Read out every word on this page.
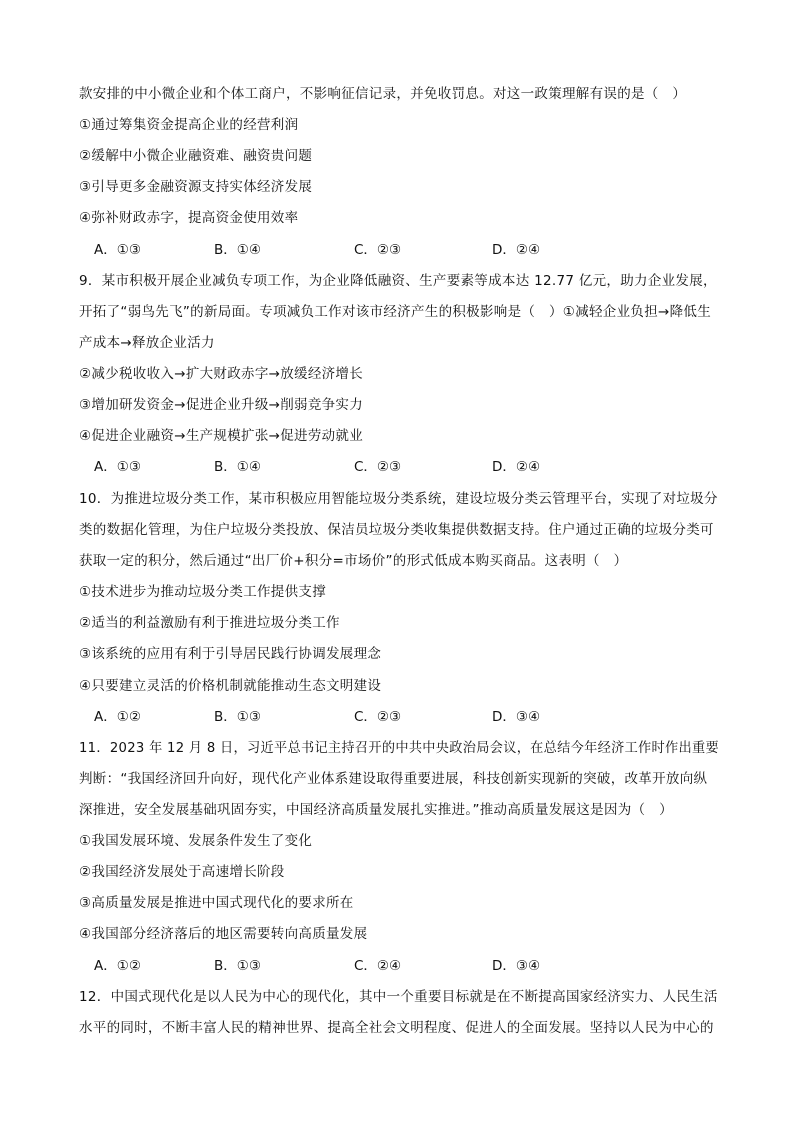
款安排的中小微企业和个体工商户，不影响征信记录，并免收罚息。对这一政策理解有误的是（　）
①通过筹集资金提高企业的经营利润
②缓解中小微企业融资难、融资贵问题
③引导更多金融资源支持实体经济发展
④弥补财政赤字，提高资金使用效率
A．①③	B．①④	C．②③	D．②④
9．某市积极开展企业减负专项工作，为企业降低融资、生产要素等成本达 12.77 亿元，助力企业发展，
开拓了“弱鸟先飞”的新局面。专项减负工作对该市经济产生的积极影响是（　）①减轻企业负担→降低生
产成本→释放企业活力
②减少税收收入→扩大财政赤字→放缓经济增长
③增加研发资金→促进企业升级→削弱竞争实力
④促进企业融资→生产规模扩张→促进劳动就业
A．①③	B．①④	C．②③	D．②④
10．为推进垃圾分类工作，某市积极应用智能垃圾分类系统，建设垃圾分类云管理平台，实现了对垃圾分
类的数据化管理，为住户垃圾分类投放、保洁员垃圾分类收集提供数据支持。住户通过正确的垃圾分类可
获取一定的积分，然后通过“出厂价+积分=市场价”的形式低成本购买商品。这表明（　）
①技术进步为推动垃圾分类工作提供支撑
②适当的利益激励有利于推进垃圾分类工作
③该系统的应用有利于引导居民践行协调发展理念
④只要建立灵活的价格机制就能推动生态文明建设
A．①②	B．①③	C．②③	D．③④
11．2023 年 12 月 8 日，习近平总书记主持召开的中共中央政治局会议，在总结今年经济工作时作出重要
判断：“我国经济回升向好，现代化产业体系建设取得重要进展，科技创新实现新的突破，改革开放向纵
深推进，安全发展基础巩固夯实，中国经济高质量发展扎实推进。”推动高质量发展这是因为（　）
①我国发展环境、发展条件发生了变化
②我国经济发展处于高速增长阶段
③高质量发展是推进中国式现代化的要求所在
④我国部分经济落后的地区需要转向高质量发展
A．①②	B．①③	C．②④	D．③④
12．中国式现代化是以人民为中心的现代化，其中一个重要目标就是在不断提高国家经济实力、人民生活
水平的同时，不断丰富人民的精神世界、提高全社会文明程度、促进人的全面发展。坚持以人民为中心的
